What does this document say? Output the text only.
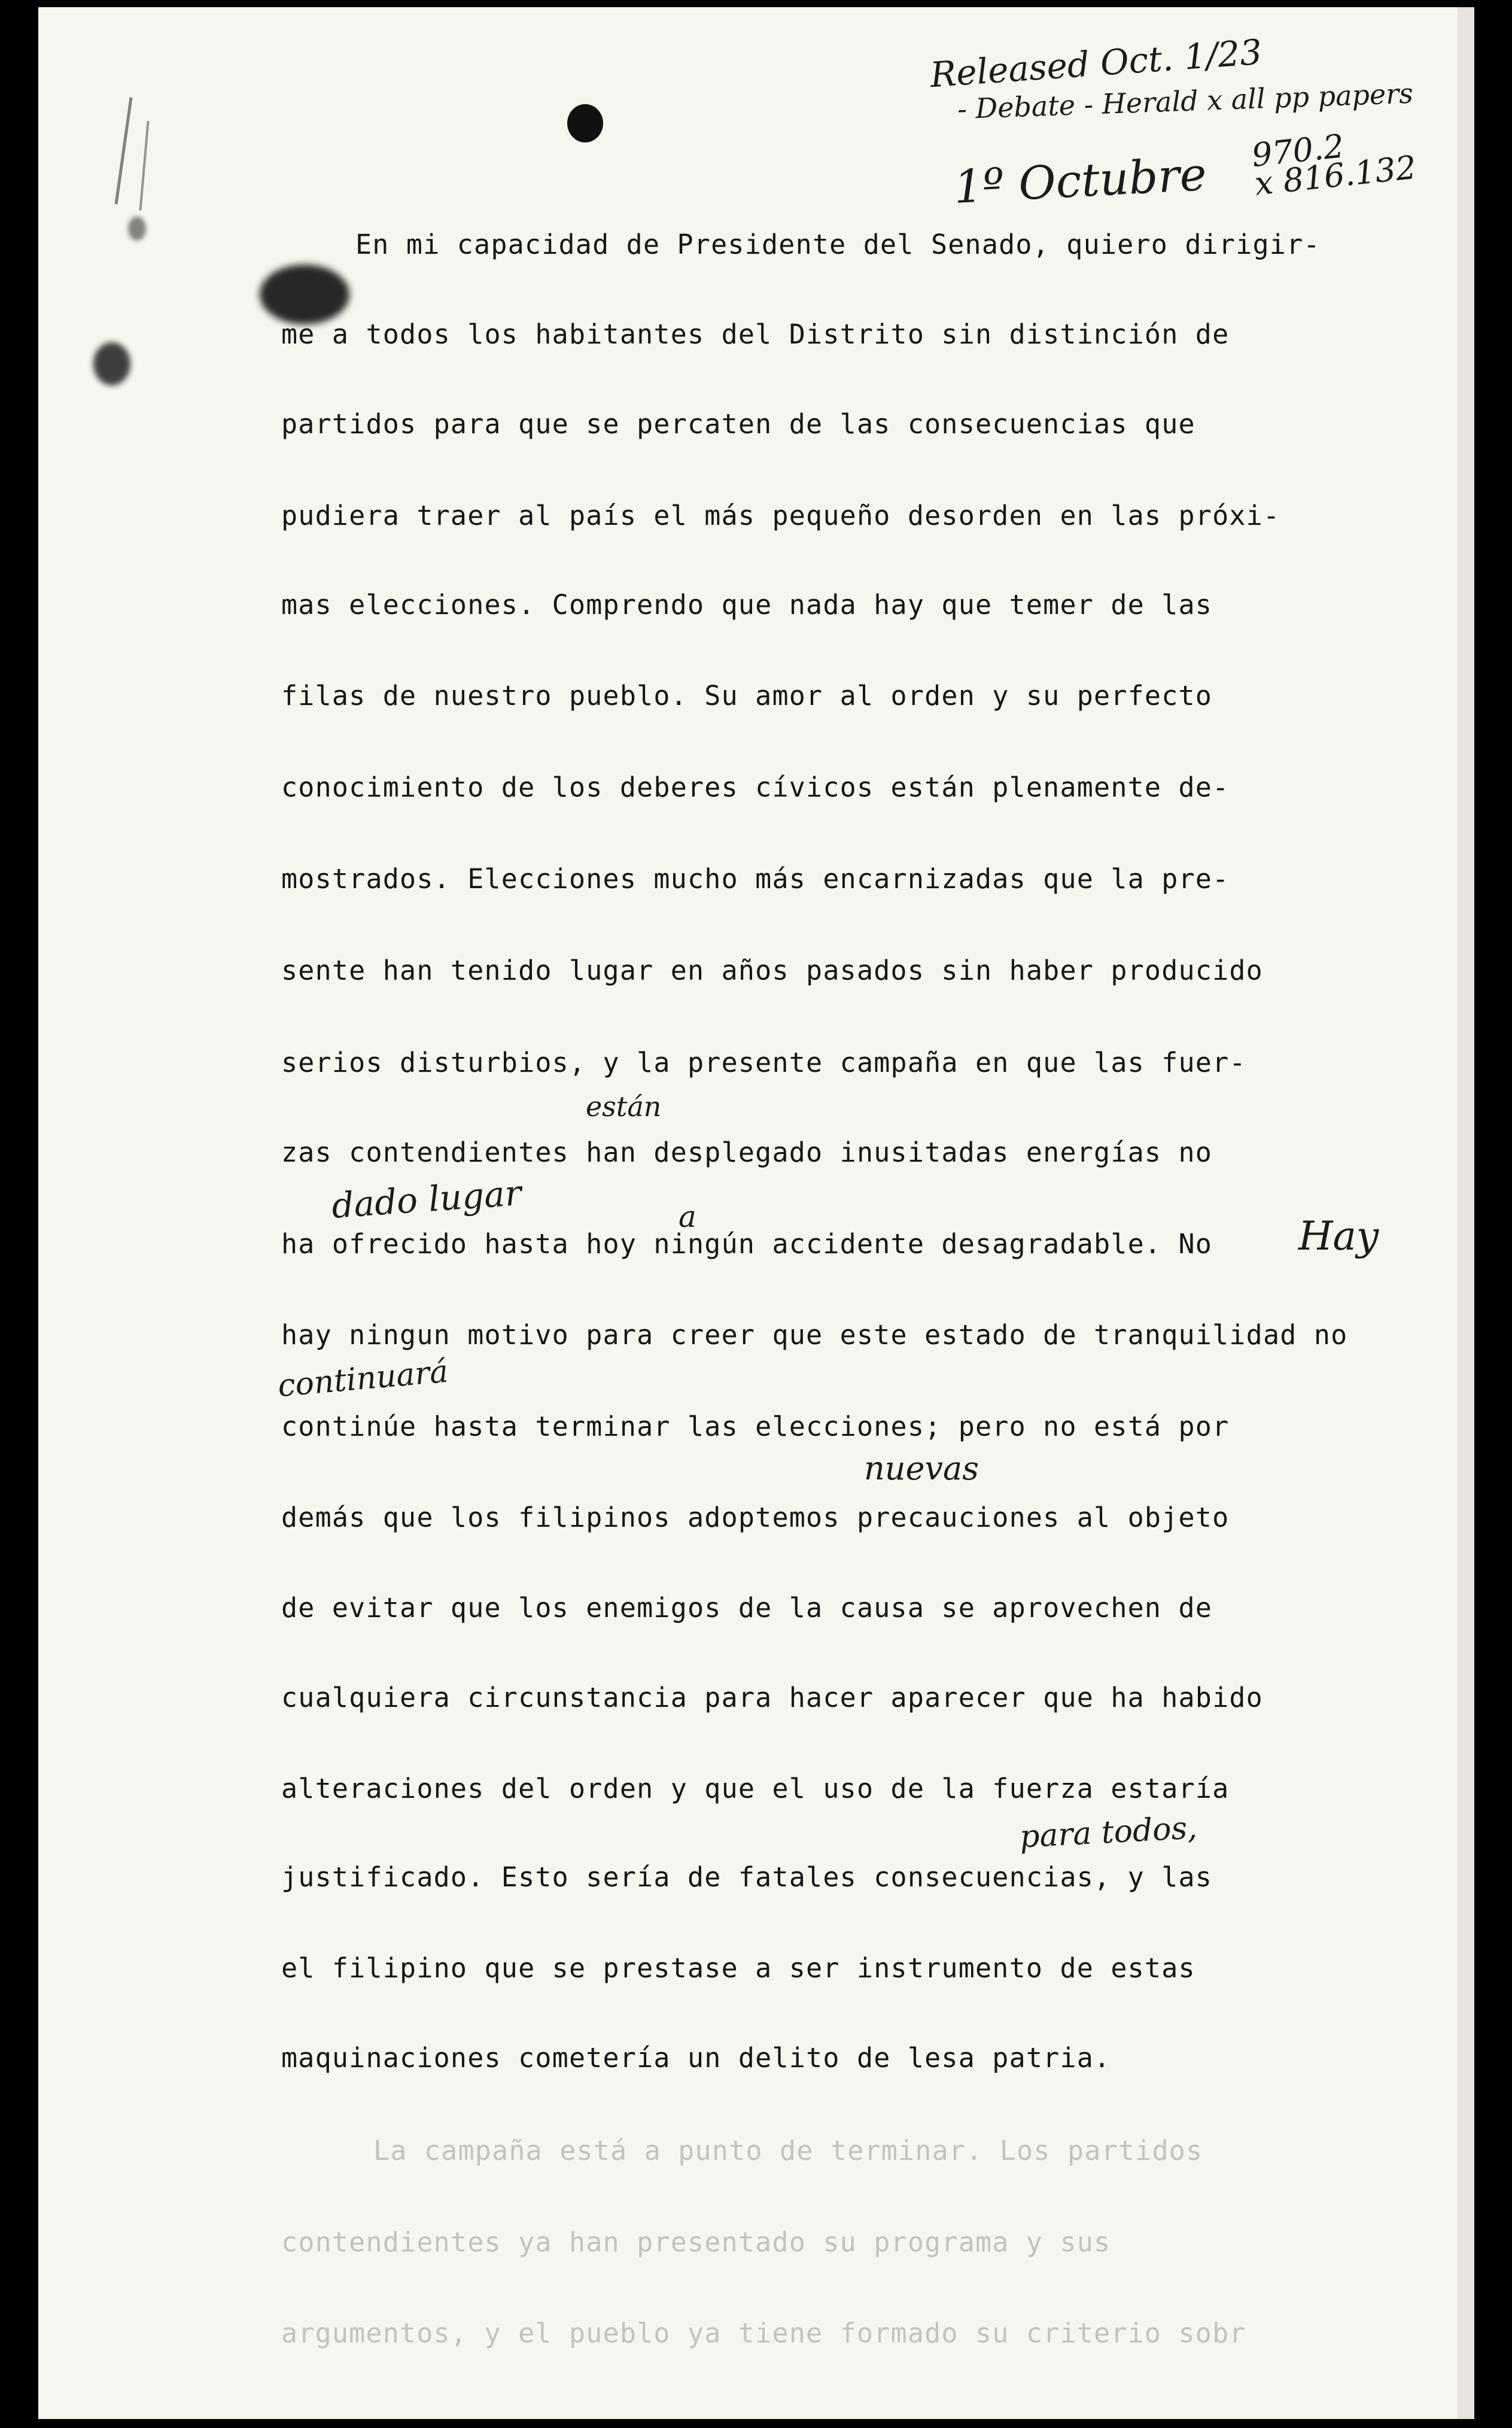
Released Oct. 1/23
- Debate - Herald x all pp papers
970.2
x 816.132
1º Octubre
En mi capacidad de Presidente del Senado, quiero dirigir-
me a todos los habitantes del Distrito sin distinción de
partidos para que se percaten de las consecuencias que
pudiera traer al país el más pequeño desorden en las próxi-
mas elecciones. Comprendo que nada hay que temer de las
filas de nuestro pueblo. Su amor al orden y su perfecto
conocimiento de los deberes cívicos están plenamente de-
mostrados. Elecciones mucho más encarnizadas que la pre-
sente han tenido lugar en años pasados sin haber producido
serios disturbios, y la presente campaña en que las fuer-
están
zas contendientes han desplegado inusitadas energías no
dado lugar	a	Hay
ha ofrecido hasta hoy ningún accidente desagradable. No
hay ningun motivo para creer que este estado de tranquilidad no
continuará
continúe hasta terminar las elecciones; pero no está por
nuevas
demás que los filipinos adoptemos precauciones al objeto
de evitar que los enemigos de la causa se aprovechen de
cualquiera circunstancia para hacer aparecer que ha habido
alteraciones del orden y que el uso de la fuerza estaría
para todos,
justificado. Esto sería de fatales consecuencias, y las
el filipino que se prestase a ser instrumento de estas
maquinaciones cometería un delito de lesa patria.
La campaña está a punto de terminar. Los partidos
contendientes ya han presentado su programa y sus
argumentos, y el pueblo ya tiene formado su criterio sobr
